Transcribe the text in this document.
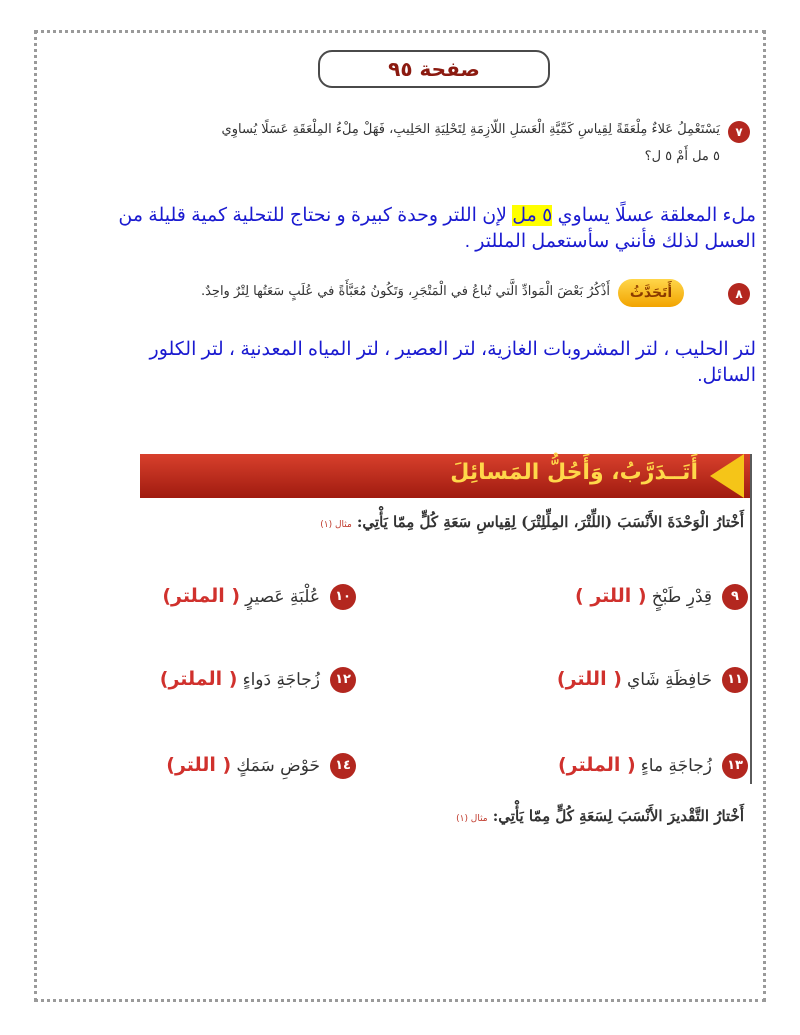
صفحة ٩٥
٧
يَسْتَعْمِلُ عَلاءٌ مِلْعَقَةً لِقِياسِ كَمِّيَّةِ الْعَسَلِ اللّازِمَةِ لِتَحْلِيَةِ الحَلِيبِ، فَهَلْ مِلْءُ المِلْعَقَةِ عَسَلًا يُساوِي
٥ مل أَمْ ٥ ل؟
ملء المعلقة عسلًا يساوي ٥ مل لإن اللتر وحدة كبيرة و نحتاج للتحلية كمية قليلة من
العسل لذلك فأنني سأستعمل المللتر .
٨
أَتَحَدَّثُ
أَذْكُرُ بَعْضَ الْمَوادِّ الَّتي تُباعُ في الْمَتْجَرِ، وَتَكُونُ مُعَبَّأَةً في عُلَبٍ سَعَتُها لِتْرٌ واحِدٌ.
لتر الحليب ، لتر المشروبات الغازية، لتر العصير ، لتر المياه المعدنية ، لتر الكلور
السائل.
أَتَــدَرَّبُ، وَأَحُلُّ المَسائِلَ
أَخْتارُ الْوَحْدَةَ الأَنْسَبَ (اللِّتْرَ، المِلِّلِتْرَ) لِقِياسِ سَعَةِ كُلٍّ مِمّا يَأْتِي: مثال (١)
٩
قِدْرِ طَبْخٍ ( اللتر )
١٠
عُلْبَةِ عَصيرٍ ( الملتر)
١١
حَافِظَةِ شَاي ( اللتر)
١٢
زُجاجَةِ دَواءٍ ( الملتر)
١٣
زُجاجَةِ ماءٍ ( الملتر)
١٤
حَوْضِ سَمَكٍ ( اللتر)
أَخْتارُ التَّقْديرَ الأَنْسَبَ لِسَعَةِ كُلٍّ مِمّا يَأْتِي: مثال (١)
